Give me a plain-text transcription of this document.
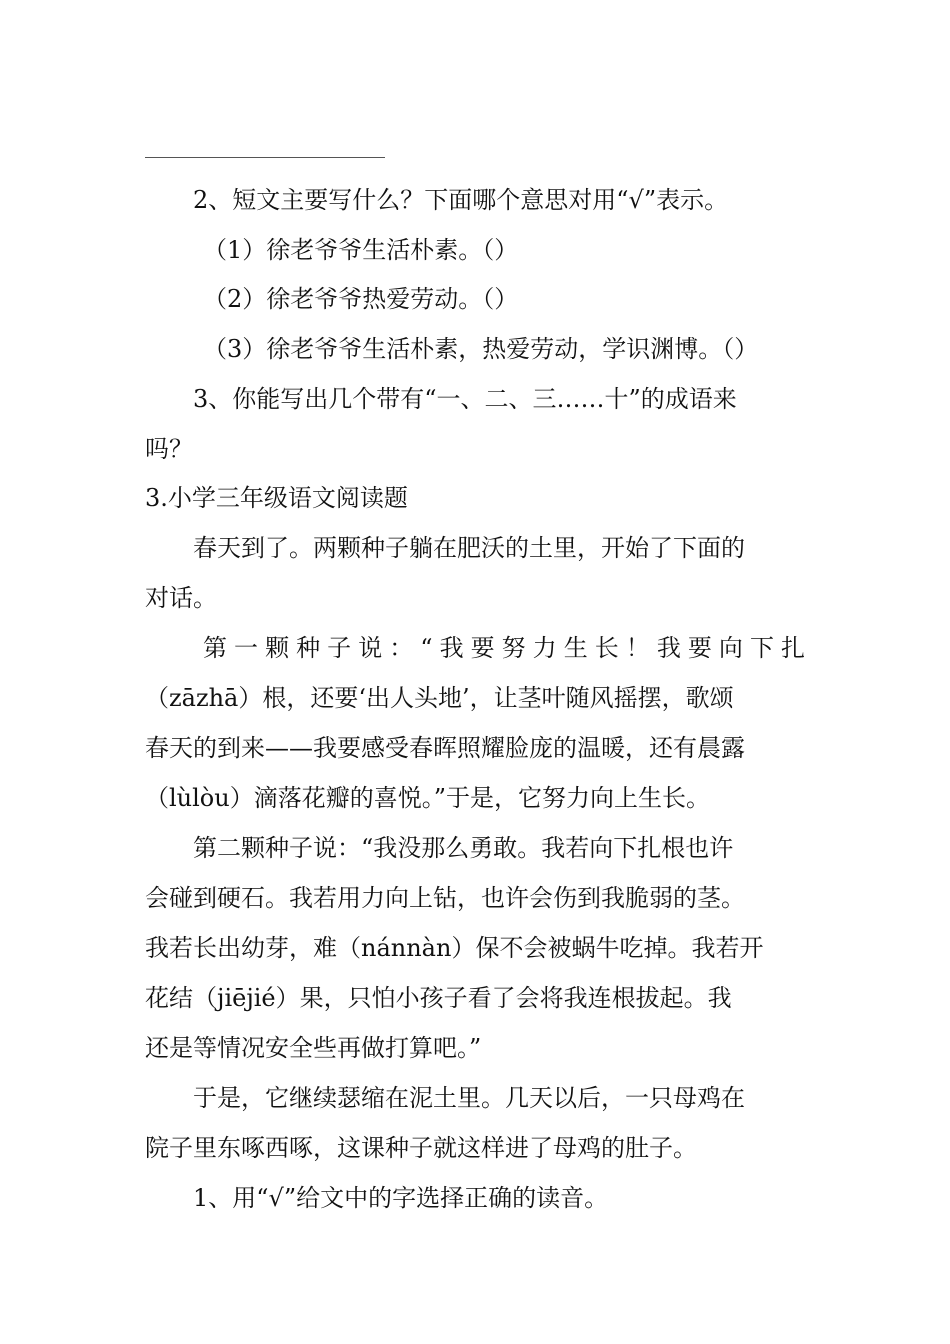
2、短文主要写什么？下面哪个意思对用“√”表示。
（1）徐老爷爷生活朴素。（）
（2）徐老爷爷热爱劳动。（）
（3）徐老爷爷生活朴素，热爱劳动，学识渊博。（）
3、你能写出几个带有“一、二、三……十”的成语来
吗？
3.小学三年级语文阅读题
春天到了。两颗种子躺在肥沃的土里，开始了下面的
对话。
第一颗种子说：“我要努力生长！我要向下扎
（zāzhā）根，还要‘出人头地’，让茎叶随风摇摆，歌颂
春天的到来——我要感受春晖照耀脸庞的温暖，还有晨露
（lùlòu）滴落花瓣的喜悦。”于是，它努力向上生长。
第二颗种子说：“我没那么勇敢。我若向下扎根也许
会碰到硬石。我若用力向上钻，也许会伤到我脆弱的茎。
我若长出幼芽，难（nánnàn）保不会被蜗牛吃掉。我若开
花结（jiējié）果，只怕小孩子看了会将我连根拔起。我
还是等情况安全些再做打算吧。”
于是，它继续瑟缩在泥土里。几天以后，一只母鸡在
院子里东啄西啄，这课种子就这样进了母鸡的肚子。
1、用“√”给文中的字选择正确的读音。
